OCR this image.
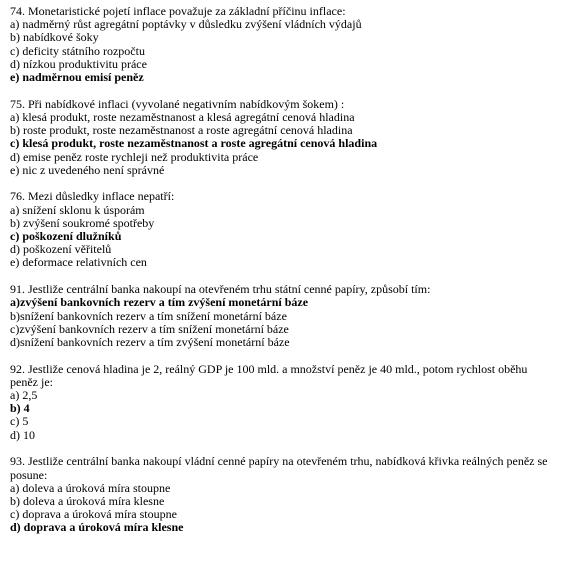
74. Monetaristické pojetí inflace považuje za základní příčinu inflace:
a) nadměrný růst agregátní poptávky v důsledku zvýšení vládních výdajů
b) nabídkové šoky
c) deficity státního rozpočtu
d) nízkou produktivitu práce
e) nadměrnou emisí peněz
75. Při nabídkové inflaci (vyvolané negativním nabídkovým šokem) :
a) klesá produkt, roste nezaměstnanost a klesá agregátní cenová hladina
b) roste produkt, roste nezaměstnanost a roste agregátní cenová hladina
c) klesá produkt, roste nezaměstnanost a roste agregátní cenová hladina
d) emise peněz roste rychleji než produktivita práce
e) nic z uvedeného není správné
76. Mezi důsledky inflace nepatří:
a) snížení sklonu k úsporám
b) zvýšení soukromé spotřeby
c) poškození dlužníků
d) poškození věřitelů
e) deformace relativních cen
91. Jestliže centrální banka nakoupí na otevřeném trhu státní cenné papíry, způsobí tím:
a)zvýšení bankovních rezerv a tím zvýšení monetární báze
b)snížení bankovních rezerv a tím snížení monetární báze
c)zvýšení bankovních rezerv a tím snížení monetární báze
d)snížení bankovních rezerv a tím zvýšení monetární báze
92. Jestliže cenová hladina je 2, reálný GDP je 100 mld. a množství peněz je 40 mld., potom rychlost oběhu peněz je:
a) 2,5
b) 4
c) 5
d) 10
93. Jestliže centrální banka nakoupí vládní cenné papíry na otevřeném trhu, nabídková křivka reálných peněz se posune:
a) doleva a úroková míra stoupne
b) doleva a úroková míra klesne
c) doprava a úroková míra stoupne
d) doprava a úroková míra klesne
